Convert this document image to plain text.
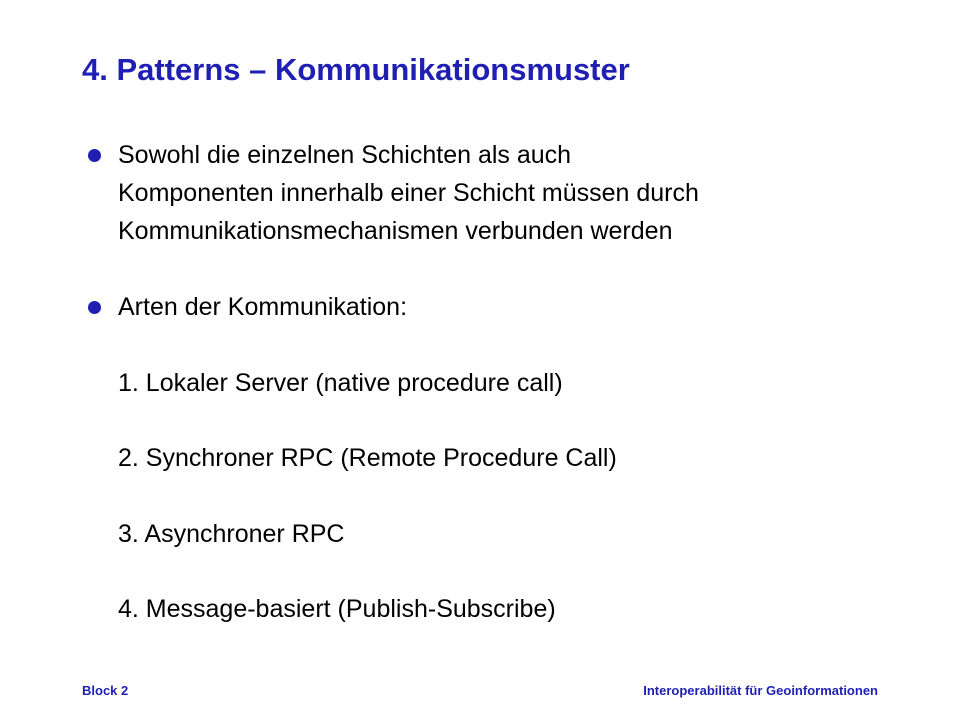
4. Patterns – Kommunikationsmuster
Sowohl die einzelnen Schichten als auch
Komponenten innerhalb einer Schicht müssen durch
Kommunikationsmechanismen verbunden werden
Arten der Kommunikation:
1. Lokaler Server (native procedure call)
2. Synchroner RPC (Remote Procedure Call)
3. Asynchroner RPC
4. Message-basiert (Publish-Subscribe)
Block 2	Interoperabilität für Geoinformationen
